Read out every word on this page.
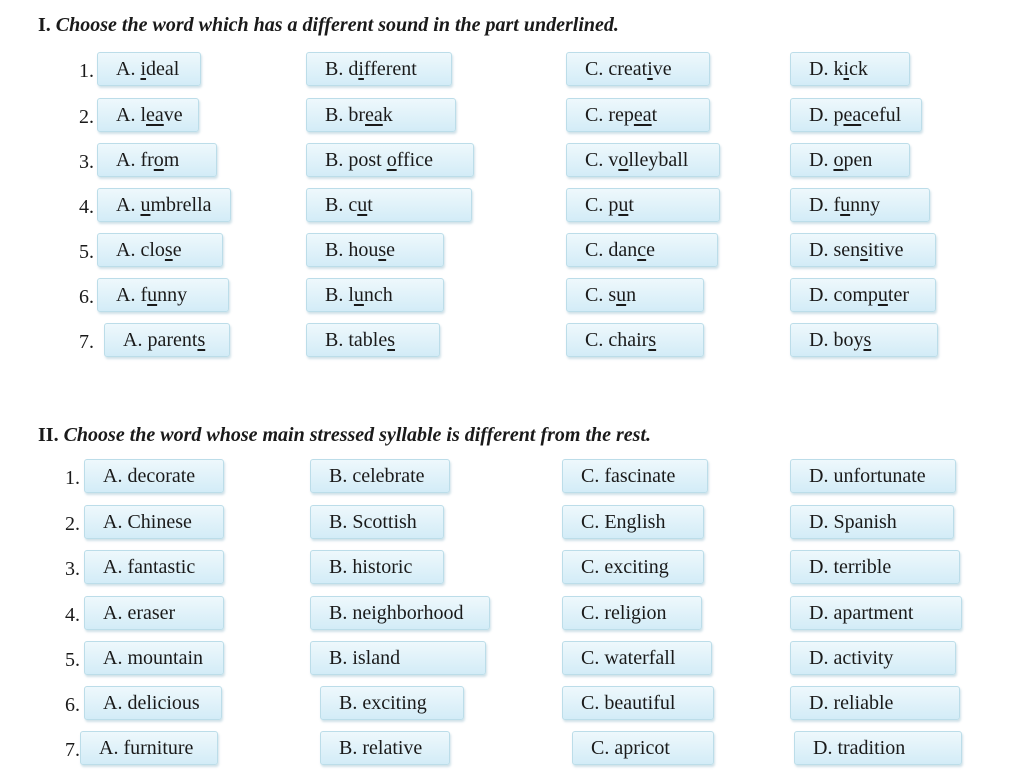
I. Choose the word which has a different sound in the part underlined.
II. Choose the word whose main stressed syllable is different from the rest.
1. A. ideal	B. different	C. creative	D. kick
2. A. leave	B. break	C. repeat	D. peaceful
3. A. from	B. post office	C. volleyball	D. open
4. A. umbrella	B. cut	C. put	D. funny
5. A. close	B. house	C. dance	D. sensitive
6. A. funny	B. lunch	C. sun	D. computer
7. A. parents	B. tables	C. chairs	D. boys
1. A. decorate	B. celebrate	C. fascinate	D. unfortunate
2. A. Chinese	B. Scottish	C. English	D. Spanish
3. A. fantastic	B. historic	C. exciting	D. terrible
4. A. eraser	B. neighborhood	C. religion	D. apartment
5. A. mountain	B. island	C. waterfall	D. activity
6. A. delicious	B. exciting	C. beautiful	D. reliable
7. A. furniture	B. relative	C. apricot	D. tradition
